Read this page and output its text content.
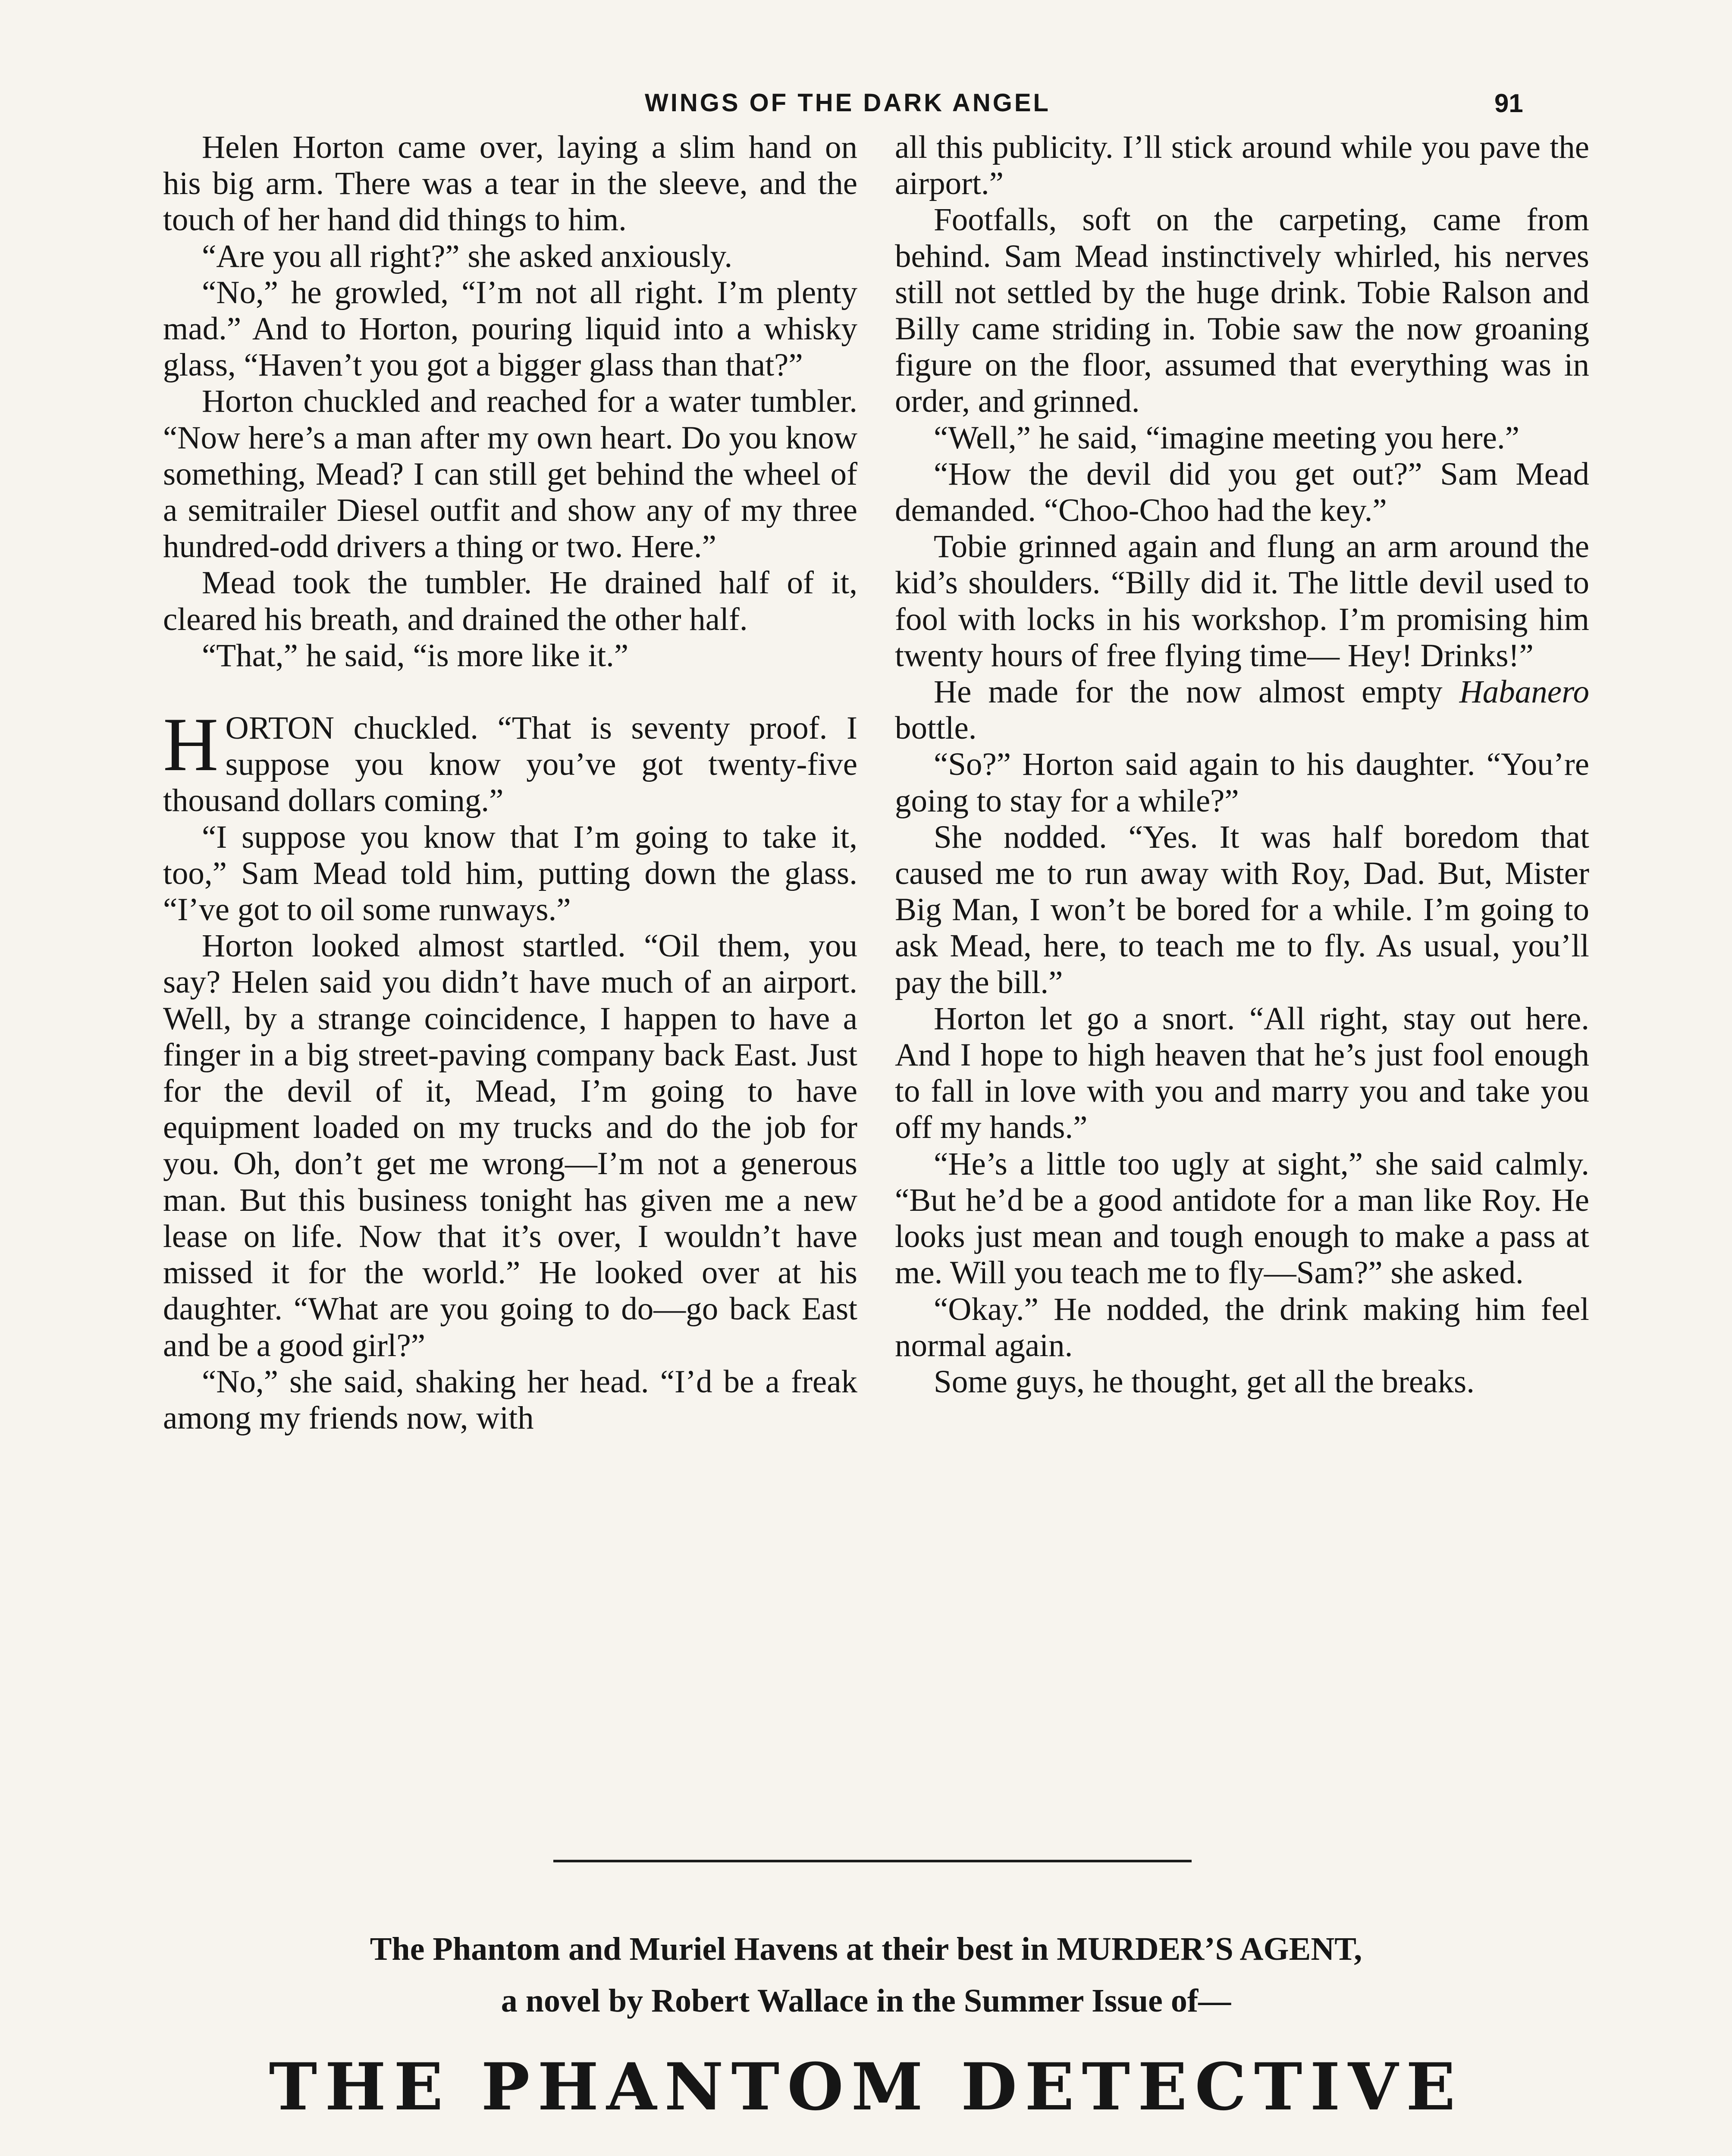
WINGS OF THE DARK ANGEL	91

Helen Horton came over, laying a slim hand on his big arm. There was a tear in the sleeve, and the touch of her hand did things to him.

“Are you all right?” she asked anxiously.

“No,” he growled, “I’m not all right. I’m plenty mad.” And to Horton, pouring liquid into a whisky glass, “Haven’t you got a bigger glass than that?”

Horton chuckled and reached for a water tumbler. “Now here’s a man after my own heart. Do you know something, Mead? I can still get behind the wheel of a semitrailer Diesel outfit and show any of my three hundred-odd drivers a thing or two. Here.”

Mead took the tumbler. He drained half of it, cleared his breath, and drained the other half.

“That,” he said, “is more like it.”

HORTON chuckled. “That is seventy proof. I suppose you know you’ve got twenty-five thousand dollars coming.”

“I suppose you know that I’m going to take it, too,” Sam Mead told him, putting down the glass. “I’ve got to oil some runways.”

Horton looked almost startled. “Oil them, you say? Helen said you didn’t have much of an airport. Well, by a strange coincidence, I happen to have a finger in a big street-paving company back East. Just for the devil of it, Mead, I’m going to have equipment loaded on my trucks and do the job for you. Oh, don’t get me wrong—I’m not a generous man. But this business tonight has given me a new lease on life. Now that it’s over, I wouldn’t have missed it for the world.” He looked over at his daughter. “What are you going to do—go back East and be a good girl?”

“No,” she said, shaking her head. “I’d be a freak among my friends now, with

all this publicity. I’ll stick around while you pave the airport.”

Footfalls, soft on the carpeting, came from behind. Sam Mead instinctively whirled, his nerves still not settled by the huge drink. Tobie Ralson and Billy came striding in. Tobie saw the now groaning figure on the floor, assumed that everything was in order, and grinned.

“Well,” he said, “imagine meeting you here.”

“How the devil did you get out?” Sam Mead demanded. “Choo-Choo had the key.”

Tobie grinned again and flung an arm around the kid’s shoulders. “Billy did it. The little devil used to fool with locks in his workshop. I’m promising him twenty hours of free flying time— Hey! Drinks!”

He made for the now almost empty Habanero bottle.

“So?” Horton said again to his daughter. “You’re going to stay for a while?”

She nodded. “Yes. It was half boredom that caused me to run away with Roy, Dad. But, Mister Big Man, I won’t be bored for a while. I’m going to ask Mead, here, to teach me to fly. As usual, you’ll pay the bill.”

Horton let go a snort. “All right, stay out here. And I hope to high heaven that he’s just fool enough to fall in love with you and marry you and take you off my hands.”

“He’s a little too ugly at sight,” she said calmly. “But he’d be a good antidote for a man like Roy. He looks just mean and tough enough to make a pass at me. Will you teach me to fly—Sam?” she asked.

“Okay.” He nodded, the drink making him feel normal again.

Some guys, he thought, get all the breaks.

The Phantom and Muriel Havens at their best in MURDER’S AGENT,
a novel by Robert Wallace in the Summer Issue of—
THE PHANTOM DETECTIVE
